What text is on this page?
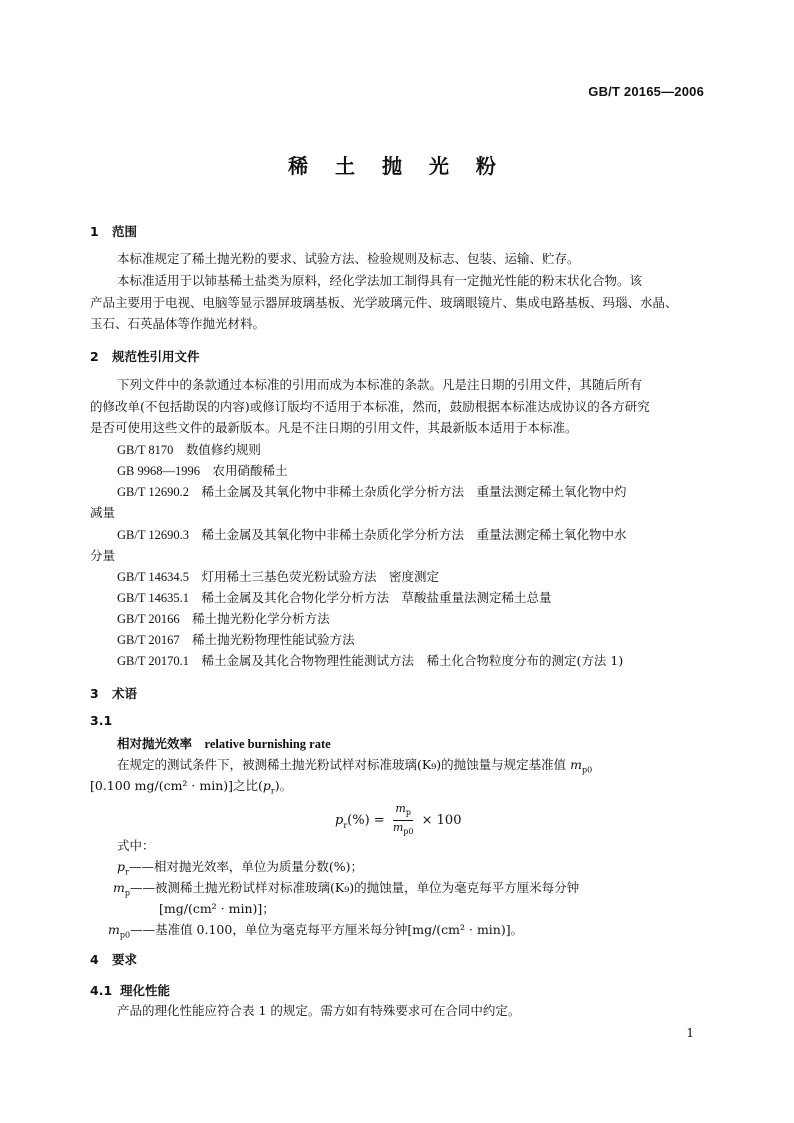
GB/T 20165—2006
稀 土 抛 光 粉
1 范围
本标准规定了稀土抛光粉的要求、试验方法、检验规则及标志、包装、运输、贮存。
本标准适用于以铈基稀土盐类为原料，经化学法加工制得具有一定抛光性能的粉末状化合物。该
产品主要用于电视、电脑等显示器屏玻璃基板、光学玻璃元件、玻璃眼镜片、集成电路基板、玛瑙、水晶、
玉石、石英晶体等作抛光材料。
2 规范性引用文件
下列文件中的条款通过本标准的引用而成为本标准的条款。凡是注日期的引用文件，其随后所有
的修改单(不包括勘误的内容)或修订版均不适用于本标准，然而，鼓励根据本标准达成协议的各方研究
是否可使用这些文件的最新版本。凡是不注日期的引用文件，其最新版本适用于本标准。
GB/T 8170　 数值修约规则
GB 9968—1996　 农用硝酸稀土
GB/T 12690.2　 稀土金属及其氧化物中非稀土杂质化学分析方法　重量法测定稀土氧化物中灼
减量
GB/T 12690.3　 稀土金属及其氧化物中非稀土杂质化学分析方法　重量法测定稀土氧化物中水
分量
GB/T 14634.5　 灯用稀土三基色荧光粉试验方法　密度测定
GB/T 14635.1　 稀土金属及其化合物化学分析方法　草酸盐重量法测定稀土总量
GB/T 20166　 稀土抛光粉化学分析方法
GB/T 20167　 稀土抛光粉物理性能试验方法
GB/T 20170.1　 稀土金属及其化合物物理性能测试方法　稀土化合物粒度分布的测定(方法 1)
3 术语
3.1
相对抛光效率　 relative burnishing rate
在规定的测试条件下，被测稀土抛光粉试样对标准玻璃(K₉)的抛蚀量与规定基准值 $m_{p0}$
[0.100 mg/(cm² · min)]之比$(p_r)$。
$p_r(\%) = \frac{m_p}{m_{p0}} \times 100$
式中：
$p_r——$相对抛光效率，单位为质量分数(%)；
$m_p——$被测稀土抛光粉试样对标准玻璃(K₉)的抛蚀量，单位为毫克每平方厘米每分钟
[mg/(cm² · min)]；
$m_{p0}——$基准值 0.100，单位为毫克每平方厘米每分钟[mg/(cm² · min)]。
4 要求
4.1 理化性能
产品的理化性能应符合表 1 的规定。需方如有特殊要求可在合同中约定。
1
